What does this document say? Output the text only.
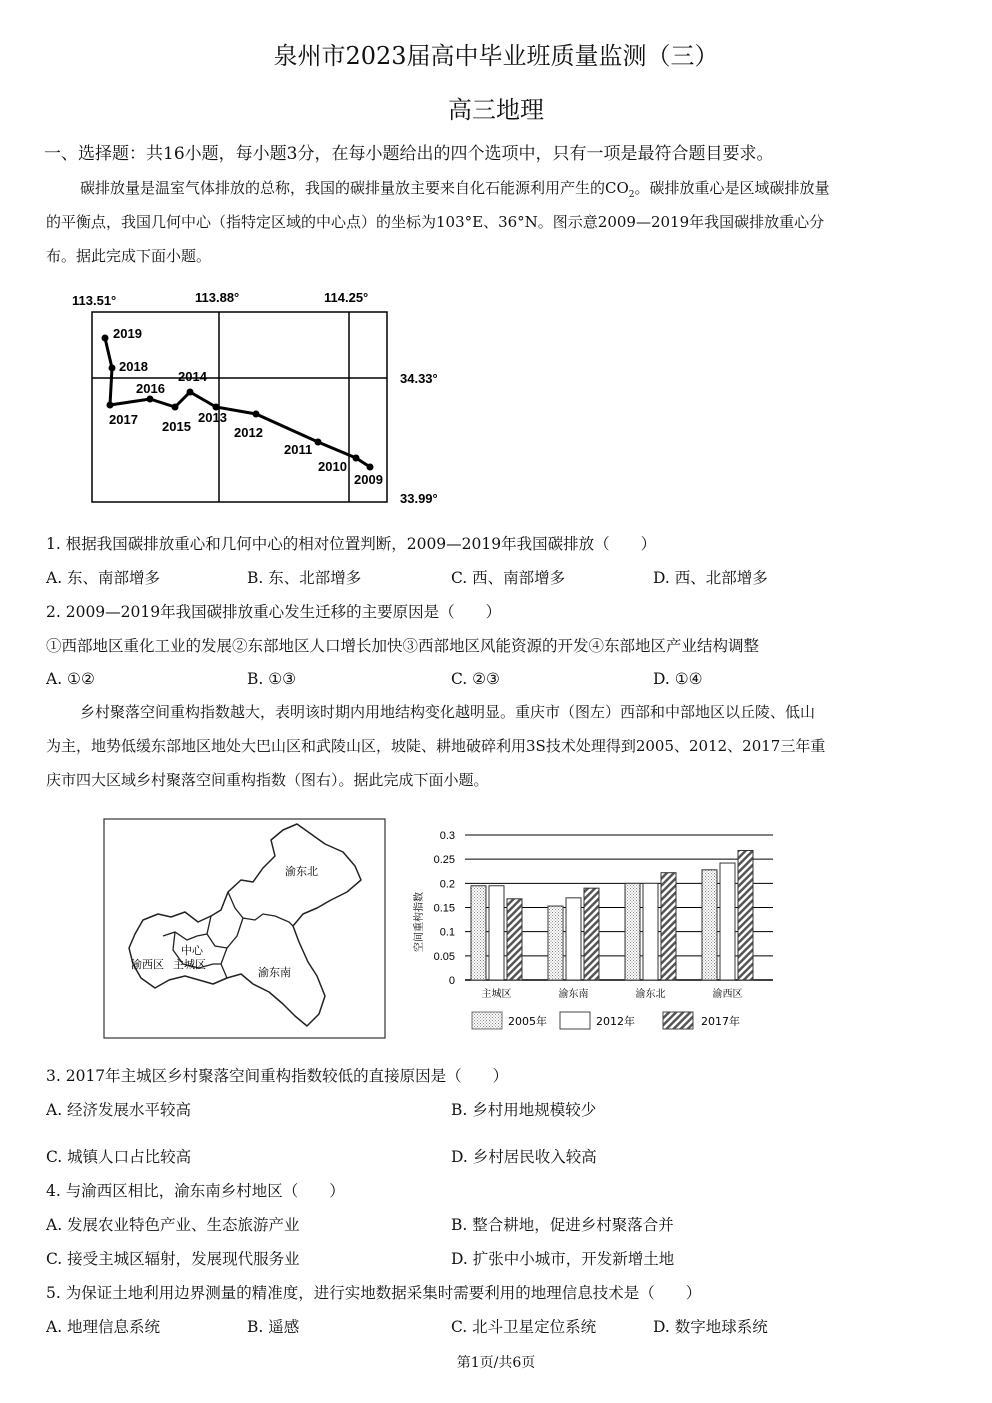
泉州市2023届高中毕业班质量监测（三）
高三地理
一、选择题：共16小题，每小题3分，在每小题给出的四个选项中，只有一项是最符合题目要求。
碳排放量是温室气体排放的总称，我国的碳排量放主要来自化石能源利用产生的$CO_2$。碳排放重心是区域碳排放量
的平衡点，我国几何中心（指特定区域的中心点）的坐标为103°E、36°N。图示意2009—2019年我国碳排放重心分
布。据此完成下面小题。
113.51°	113.88°	114.25°
34.33°
33.99°
2019
2018
2017
2016
2015
2014
2013
2012
2011
2010
2009
1. 根据我国碳排放重心和几何中心的相对位置判断，2009—2019年我国碳排放（　　）
A. 东、南部增多	B. 东、北部增多	C. 西、南部增多	D. 西、北部增多
2. 2009—2019年我国碳排放重心发生迁移的主要原因是（　　）
①西部地区重化工业的发展②东部地区人口增长加快③西部地区风能资源的开发④东部地区产业结构调整
A. ①②	B. ①③	C. ②③	D. ①④
乡村聚落空间重构指数越大，表明该时期内用地结构变化越明显。重庆市（图左）西部和中部地区以丘陵、低山
为主，地势低缓东部地区地处大巴山区和武陵山区，坡陡、耕地破碎利用3S技术处理得到2005、2012、2017三年重
庆市四大区域乡村聚落空间重构指数（图右）。据此完成下面小题。
渝东北
中心
渝西区 主城区
渝东南
0
0.05
0.1
0.15
0.2
0.25
0.3
主城区	渝东南	渝东北	渝西区
空间重构指数
2005年	2012年	2017年
3. 2017年主城区乡村聚落空间重构指数较低的直接原因是（　　）
A. 经济发展水平较高	B. 乡村用地规模较少
C. 城镇人口占比较高	D. 乡村居民收入较高
4. 与渝西区相比，渝东南乡村地区（　　）
A. 发展农业特色产业、生态旅游产业	B. 整合耕地，促进乡村聚落合并
C. 接受主城区辐射，发展现代服务业	D. 扩张中小城市，开发新增土地
5. 为保证土地利用边界测量的精准度，进行实地数据采集时需要利用的地理信息技术是（　　）
A. 地理信息系统	B. 遥感	C. 北斗卫星定位系统	D. 数字地球系统
第1页/共6页
